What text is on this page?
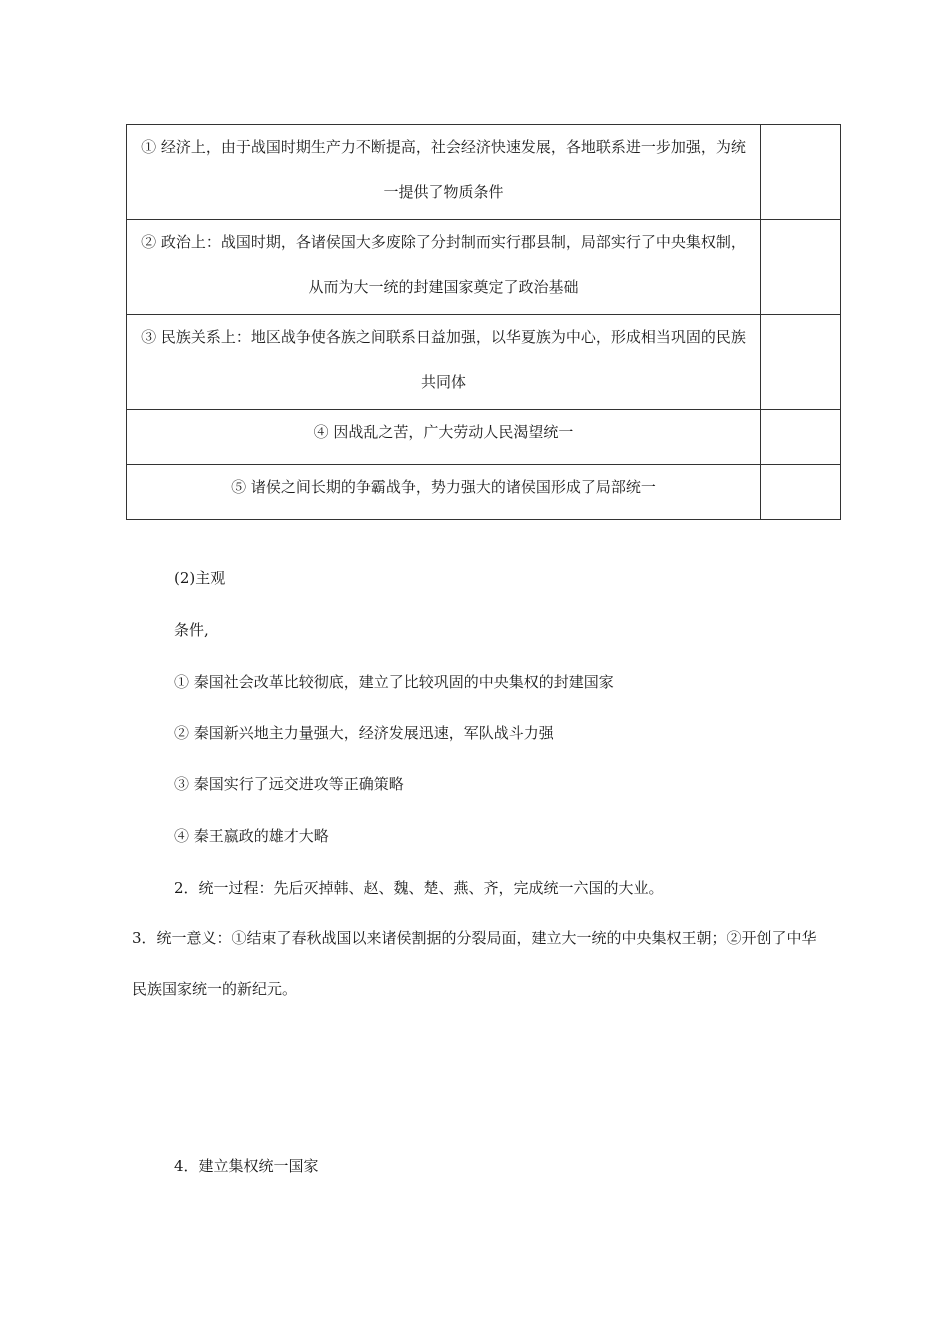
① 经济上，由于战国时期生产力不断提高，社会经济快速发展，各地联系进一步加强，为统一提供了物质条件	

② 政治上：战国时期，各诸侯国大多废除了分封制而实行郡县制，局部实行了中央集权制，从而为大一统的封建国家奠定了政治基础	

③ 民族关系上：地区战争使各族之间联系日益加强，以华夏族为中心，形成相当巩固的民族共同体	

④ 因战乱之苦，广大劳动人民渴望统一	

⑤ 诸侯之间长期的争霸战争，势力强大的诸侯国形成了局部统一	

(2)主观
条件,
① 秦国社会改革比较彻底，建立了比较巩固的中央集权的封建国家
② 秦国新兴地主力量强大，经济发展迅速，军队战斗力强
③ 秦国实行了远交进攻等正确策略
④ 秦王嬴政的雄才大略
2．统一过程：先后灭掉韩、赵、魏、楚、燕、齐，完成统一六国的大业。
3．统一意义：①结束了春秋战国以来诸侯割据的分裂局面，建立大一统的中央集权王朝；②开创了中华民族国家统一的新纪元。
4．建立集权统一国家
